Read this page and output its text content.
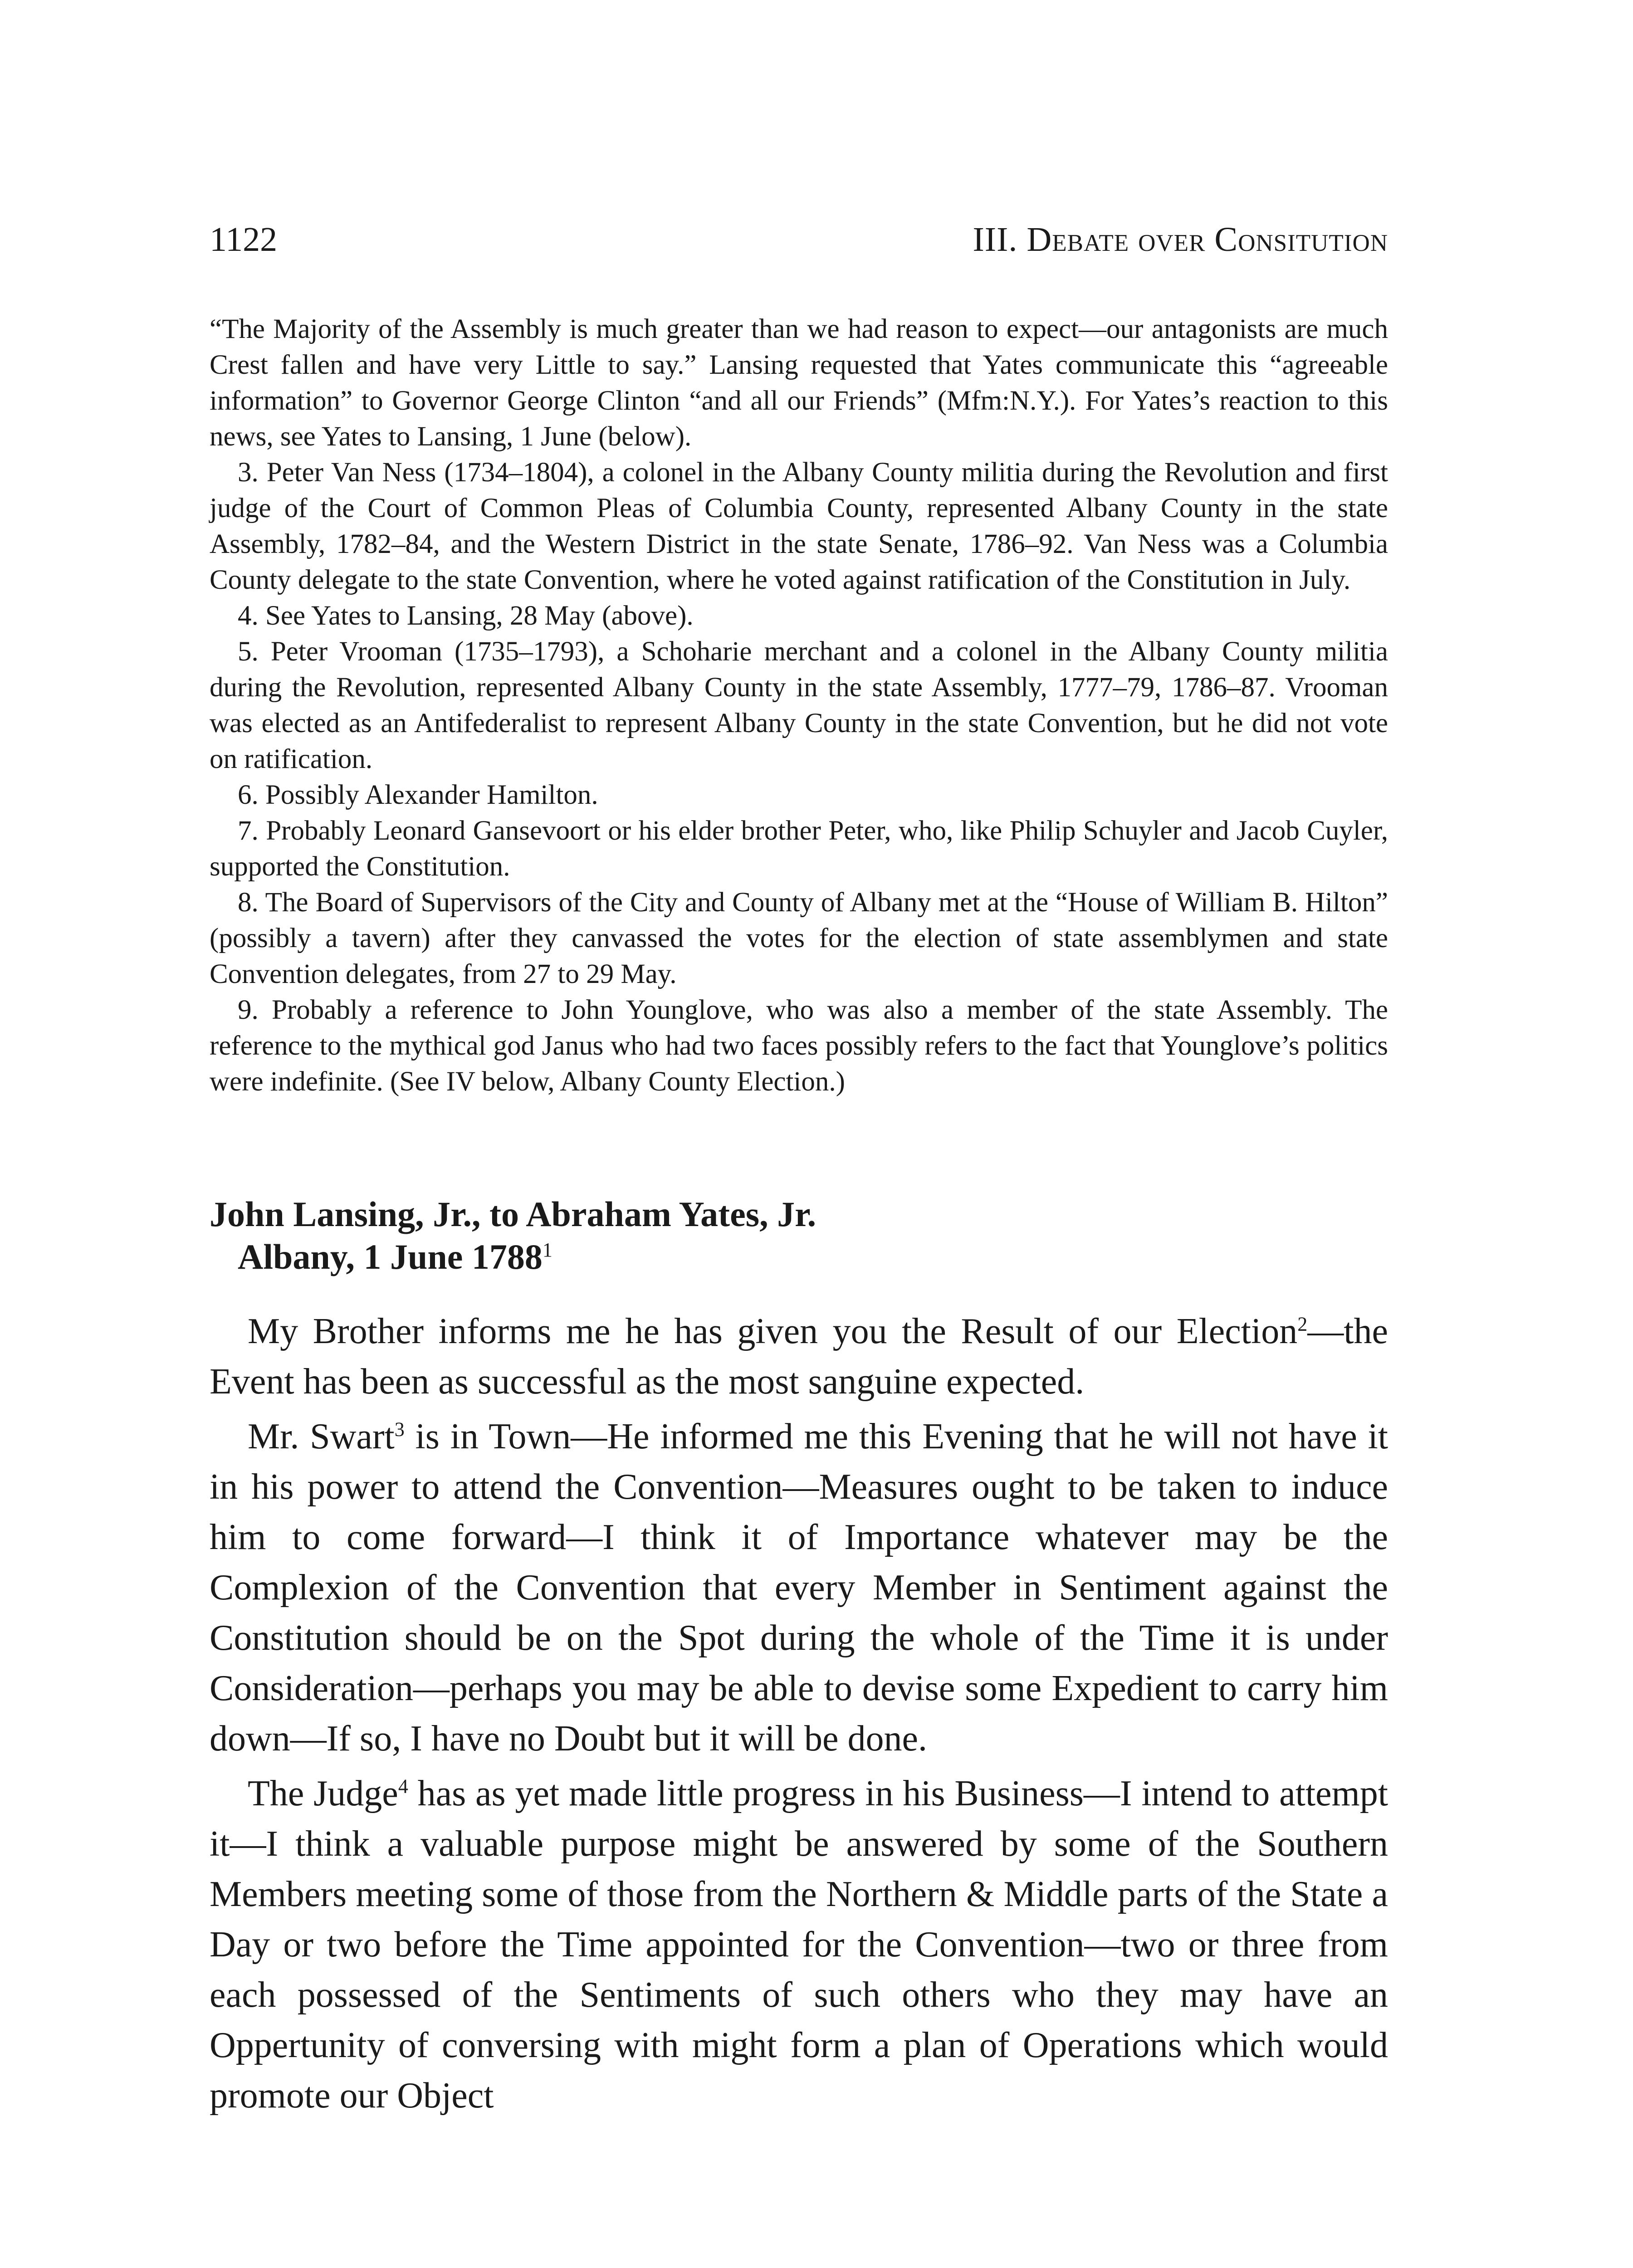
1122	III. Debate over Consitution

“The Majority of the Assembly is much greater than we had reason to expect—our antagonists are much Crest fallen and have very Little to say.” Lansing requested that Yates communicate this “agreeable information” to Governor George Clinton “and all our Friends” (Mfm:N.Y.). For Yates’s reaction to this news, see Yates to Lansing, 1 June (below).

3. Peter Van Ness (1734–1804), a colonel in the Albany County militia during the Revolution and first judge of the Court of Common Pleas of Columbia County, represented Albany County in the state Assembly, 1782–84, and the Western District in the state Senate, 1786–92. Van Ness was a Columbia County delegate to the state Convention, where he voted against ratification of the Constitution in July.

4. See Yates to Lansing, 28 May (above).

5. Peter Vrooman (1735–1793), a Schoharie merchant and a colonel in the Albany County militia during the Revolution, represented Albany County in the state Assembly, 1777–79, 1786–87. Vrooman was elected as an Antifederalist to represent Albany County in the state Convention, but he did not vote on ratification.

6. Possibly Alexander Hamilton.

7. Probably Leonard Gansevoort or his elder brother Peter, who, like Philip Schuyler and Jacob Cuyler, supported the Constitution.

8. The Board of Supervisors of the City and County of Albany met at the “House of William B. Hilton” (possibly a tavern) after they canvassed the votes for the election of state assemblymen and state Convention delegates, from 27 to 29 May.

9. Probably a reference to John Younglove, who was also a member of the state Assembly. The reference to the mythical god Janus who had two faces possibly refers to the fact that Younglove’s politics were indefinite. (See IV below, Albany County Election.)

John Lansing, Jr., to Abraham Yates, Jr.
Albany, 1 June 1788$^1$

My Brother informs me he has given you the Result of our Election$^2$—the Event has been as successful as the most sanguine expected.

Mr. Swart$^3$ is in Town—He informed me this Evening that he will not have it in his power to attend the Convention—Measures ought to be taken to induce him to come forward—I think it of Importance whatever may be the Complexion of the Convention that every Member in Sentiment against the Constitution should be on the Spot during the whole of the Time it is under Consideration—perhaps you may be able to devise some Expedient to carry him down—If so, I have no Doubt but it will be done.

The Judge$^4$ has as yet made little progress in his Business—I intend to attempt it—I think a valuable purpose might be answered by some of the Southern Members meeting some of those from the Northern & Middle parts of the State a Day or two before the Time appointed for the Convention—two or three from each possessed of the Sentiments of such others who they may have an Oppertunity of conversing with might form a plan of Operations which would promote our Object
